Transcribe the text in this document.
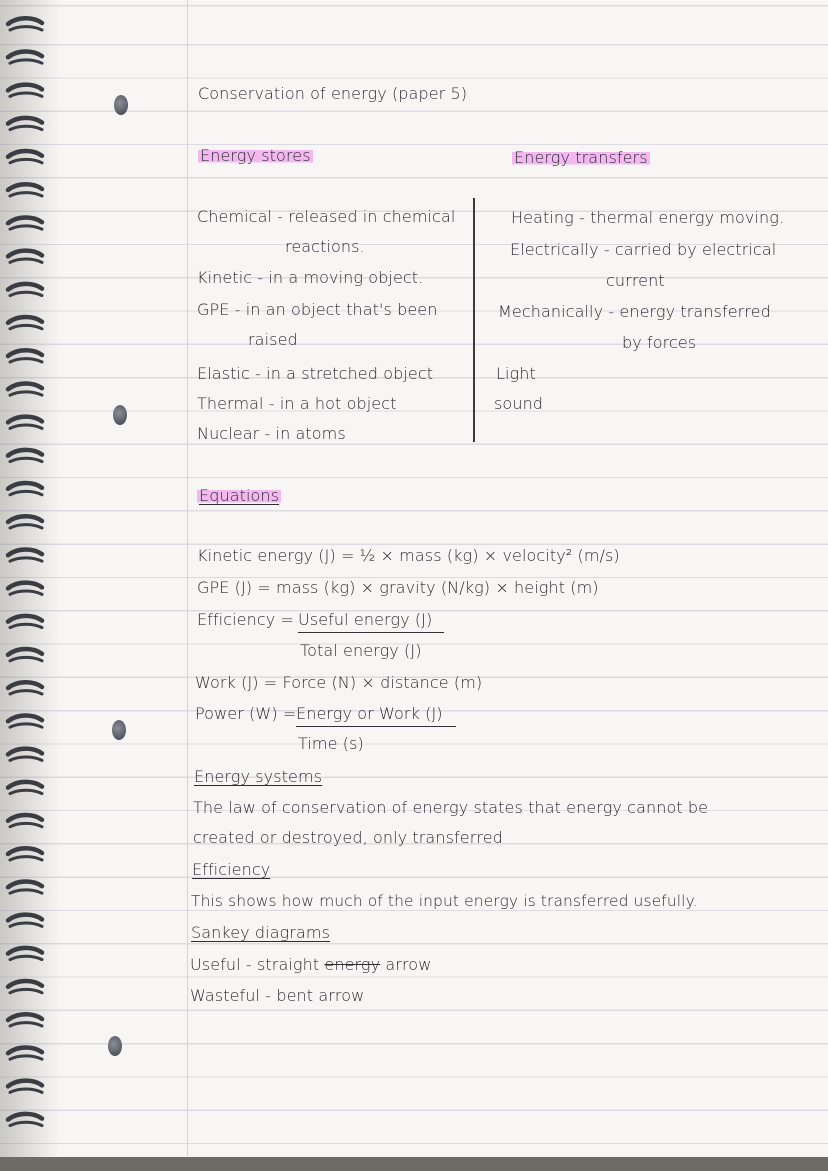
Conservation of energy (paper 5)

Energy stores	Energy transfers

Chemical - released in chemical

reactions.

Kinetic - in a moving object.

GPE - in an object that's been

raised

Elastic - in a stretched object

Thermal - in a hot object

Nuclear - in atoms

Heating - thermal energy moving.

Electrically - carried by electrical

current

Mechanically - energy transferred

by forces

Light

sound

Equations

Kinetic energy (J) = ½ × mass (kg) × velocity² (m/s)

GPE (J) = mass (kg) × gravity (N/kg) × height (m)

Efficiency = Useful energy (J)

Total energy (J)

Work (J) = Force (N) × distance (m)

Power (W) = Energy or Work (J)

Time (s)

Energy systems

The law of conservation of energy states that energy cannot be

created or destroyed, only transferred

Efficiency

This shows how much of the input energy is transferred usefully.

Sankey diagrams

Useful - straight energy arrow

Wasteful - bent arrow
